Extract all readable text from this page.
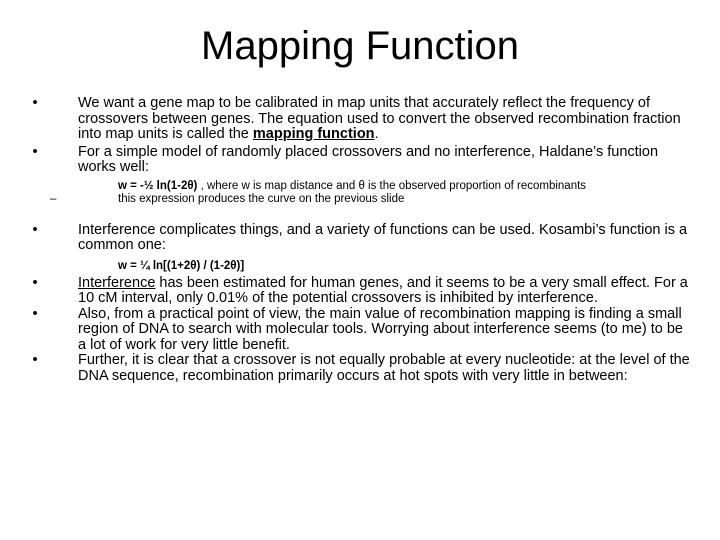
Mapping Function
•	We want a gene map to be calibrated in map units that accurately reflect the frequency of crossovers between genes. The equation used to convert the observed recombination fraction into map units is called the mapping function.
•	For a simple model of randomly placed crossovers and no interference, Haldane’s function works well:
w = -½ ln(1-2θ) , where w is map distance and θ is the observed proportion of recombinants
–	this expression produces the curve on the previous slide
•	Interference complicates things, and a variety of functions can be used. Kosambi’s function is a common one:
w = ¼ ln[(1+2θ) / (1-2θ)]
•	Interference has been estimated for human genes, and it seems to be a very small effect. For a 10 cM interval, only 0.01% of the potential crossovers is inhibited by interference.
•	Also, from a practical point of view, the main value of recombination mapping is finding a small region of DNA to search with molecular tools. Worrying about interference seems (to me) to be a lot of work for very little benefit.
•	Further, it is clear that a crossover is not equally probable at every nucleotide: at the level of the DNA sequence, recombination primarily occurs at hot spots with very little in between:
